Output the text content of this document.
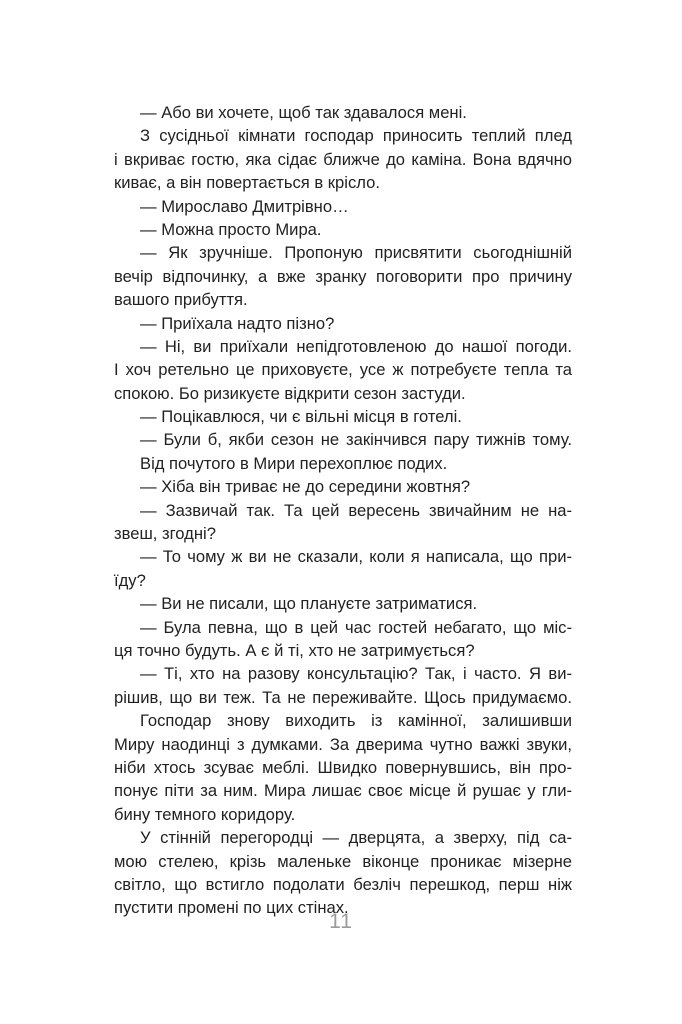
— Або ви хочете, щоб так здавалося мені.
З сусідньої кімнати господар приносить теплий плед
і вкриває гостю, яка сідає ближче до каміна. Вона вдячно
киває, а він повертається в крісло.
— Мирославо Дмитрівно…
— Можна просто Мира.
— Як зручніше. Пропоную присвятити сьогоднішній
вечір відпочинку, а вже зранку поговорити про причину
вашого прибуття.
— Приїхала надто пізно?
— Ні, ви приїхали непідготовленою до нашої погоди.
І хоч ретельно це приховуєте, усе ж потребуєте тепла та
спокою. Бо ризикуєте відкрити сезон застуди.
— Поцікавлюся, чи є вільні місця в готелі.
— Були б, якби сезон не закінчився пару тижнів тому.
Від почутого в Мири перехоплює подих.
— Хіба він триває не до середини жовтня?
— Зазвичай так. Та цей вересень звичайним не на-
звеш, згодні?
— То чому ж ви не сказали, коли я написала, що при-
їду?
— Ви не писали, що плануєте затриматися.
— Була певна, що в цей час гостей небагато, що міс-
ця точно будуть. А є й ті, хто не затримується?
— Ті, хто на разову консультацію? Так, і часто. Я ви-
рішив, що ви теж. Та не переживайте. Щось придумаємо.
Господар знову виходить із камінної, залишивши
Миру наодинці з думками. За дверима чутно важкі звуки,
ніби хтось зсуває меблі. Швидко повернувшись, він про-
понує піти за ним. Мира лишає своє місце й рушає у гли-
бину темного коридору.
У стінній перегородці — дверцята, а зверху, під са-
мою стелею, крізь маленьке віконце проникає мізерне
світло, що встигло подолати безліч перешкод, перш ніж
пустити промені по цих стінах.
11
